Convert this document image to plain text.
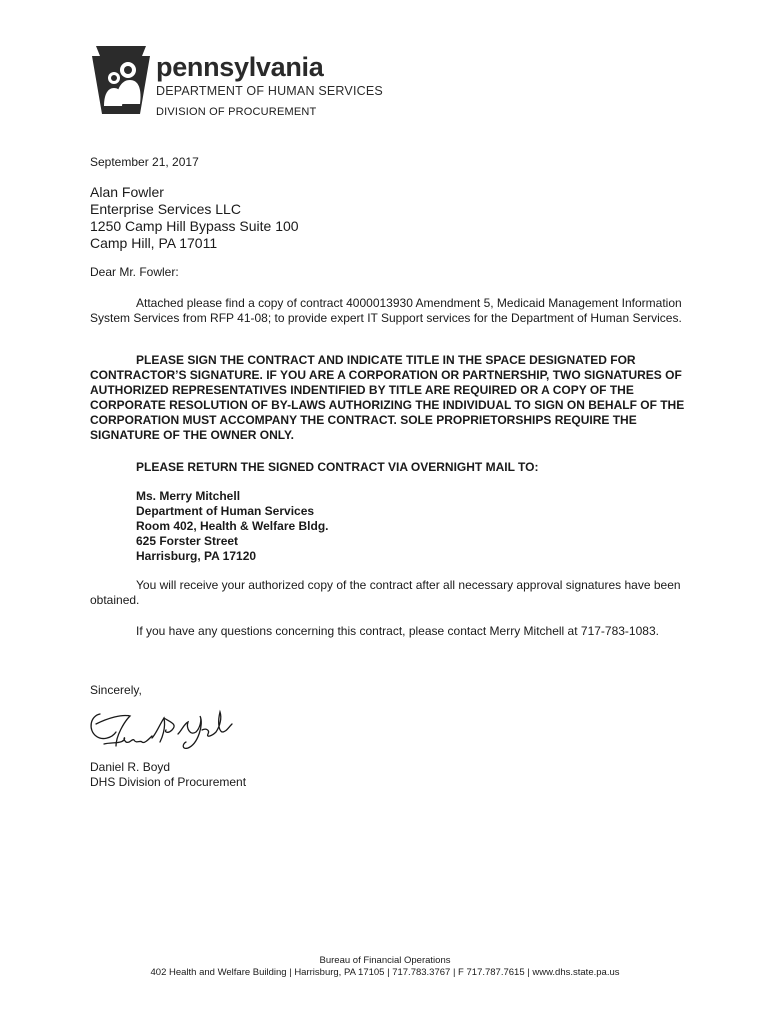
pennsylvania
DEPARTMENT OF HUMAN SERVICES
DIVISION OF PROCUREMENT
September 21, 2017
Alan Fowler
Enterprise Services LLC
1250 Camp Hill Bypass Suite 100
Camp Hill, PA 17011
Dear Mr. Fowler:
Attached please find a copy of contract 4000013930 Amendment 5, Medicaid Management Information System Services from RFP 41-08; to provide expert IT Support services for the Department of Human Services.
PLEASE SIGN THE CONTRACT AND INDICATE TITLE IN THE SPACE DESIGNATED FOR CONTRACTOR’S SIGNATURE. IF YOU ARE A CORPORATION OR PARTNERSHIP, TWO SIGNATURES OF AUTHORIZED REPRESENTATIVES INDENTIFIED BY TITLE ARE REQUIRED OR A COPY OF THE CORPORATE RESOLUTION OF BY-LAWS AUTHORIZING THE INDIVIDUAL TO SIGN ON BEHALF OF THE CORPORATION MUST ACCOMPANY THE CONTRACT. SOLE PROPRIETORSHIPS REQUIRE THE SIGNATURE OF THE OWNER ONLY.
PLEASE RETURN THE SIGNED CONTRACT VIA OVERNIGHT MAIL TO:
Ms. Merry Mitchell
Department of Human Services
Room 402, Health & Welfare Bldg.
625 Forster Street
Harrisburg, PA 17120
You will receive your authorized copy of the contract after all necessary approval signatures have been obtained.
If you have any questions concerning this contract, please contact Merry Mitchell at 717-783-1083.
Sincerely,
Daniel R. Boyd
DHS Division of Procurement
Bureau of Financial Operations
402 Health and Welfare Building | Harrisburg, PA 17105 | 717.783.3767 | F 717.787.7615 | www.dhs.state.pa.us
